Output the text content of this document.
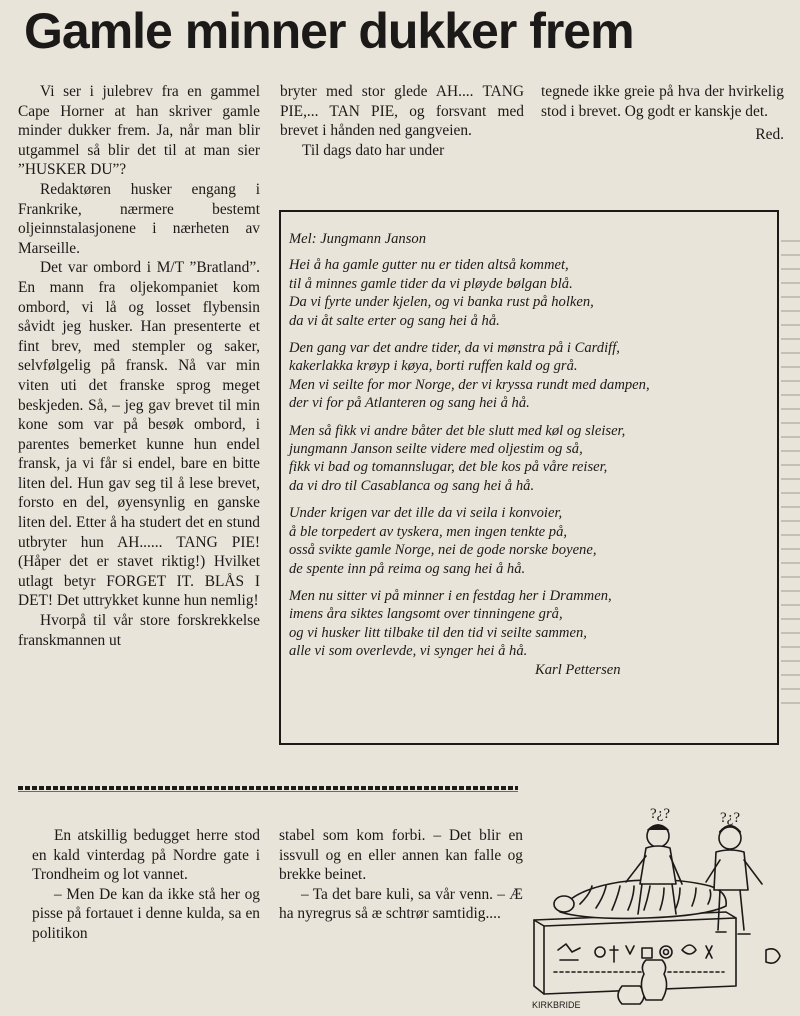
Gamle minner dukker frem

Vi ser i julebrev fra en gammel Cape Horner at han skriver gamle minder dukker frem. Ja, når man blir utgammel så blir det til at man sier ”HUSKER DU”?

Redaktøren husker engang i Frankrike, nærmere bestemt oljeinnstalasjonene i nærheten av Marseille.

Det var ombord i M/T ”Bratland”. En mann fra oljekompaniet kom ombord, vi lå og losset flybensin såvidt jeg husker. Han presenterte et fint brev, med stempler og saker, selvfølgelig på fransk. Nå var min viten uti det franske sprog meget beskjeden. Så, – jeg gav brevet til min kone som var på besøk ombord, i parentes bemerket kunne hun endel fransk, ja vi får si endel, bare en bitte liten del. Hun gav seg til å lese brevet, forsto en del, øyensynlig en ganske liten del. Etter å ha studert det en stund utbryter hun AH...... TANG PIE! (Håper det er stavet riktig!) Hvilket utlagt betyr FORGET IT. BLÅS I DET! Det uttrykket kunne hun nemlig!

Hvorpå til vår store forskrekkelse franskmannen ut

bryter med stor glede AH.... TANG PIE,... TAN PIE, og forsvant med brevet i hånden ned gangveien.

Til dags dato har under

tegnede ikke greie på hva der hvirkelig stod i brevet. Og godt er kanskje det.

Red.

Mel: Jungmann Janson
Hei å ha gamle gutter nu er tiden altså kommet,
til å minnes gamle tider da vi pløyde bølgan blå.
Da vi fyrte under kjelen, og vi banka rust på holken,
da vi åt salte erter og sang hei å hå.
Den gang var det andre tider, da vi mønstra på i Cardiff,
kakerlakka krøyp i køya, borti ruffen kald og grå.
Men vi seilte for mor Norge, der vi kryssa rundt med dampen,
der vi for på Atlanteren og sang hei å hå.
Men så fikk vi andre båter det ble slutt med køl og sleiser,
jungmann Janson seilte videre med oljestim og så,
fikk vi bad og tomannslugar, det ble kos på våre reiser,
da vi dro til Casablanca og sang hei å hå.
Under krigen var det ille da vi seila i konvoier,
å ble torpedert av tyskera, men ingen tenkte på,
osså svikte gamle Norge, nei de gode norske boyene,
de spente inn på reima og sang hei å hå.
Men nu sitter vi på minner i en festdag her i Drammen,
imens åra siktes langsomt over tinningene grå,
og vi husker litt tilbake til den tid vi seilte sammen,
alle vi som overlevde, vi synger hei å hå.
Karl Pettersen

En atskillig bedugget herre stod en kald vinterdag på Nordre gate i Trondheim og lot vannet.

– Men De kan da ikke stå her og pisse på fortauet i denne kulda, sa en politikon

stabel som kom forbi. – Det blir en issvull og en eller annen kan falle og brekke beinet.

– Ta det bare kuli, sa vår venn. – Æ ha nyregrus så æ schtrør samtidig....

?¿?	?¿?
KIRKBRIDE
